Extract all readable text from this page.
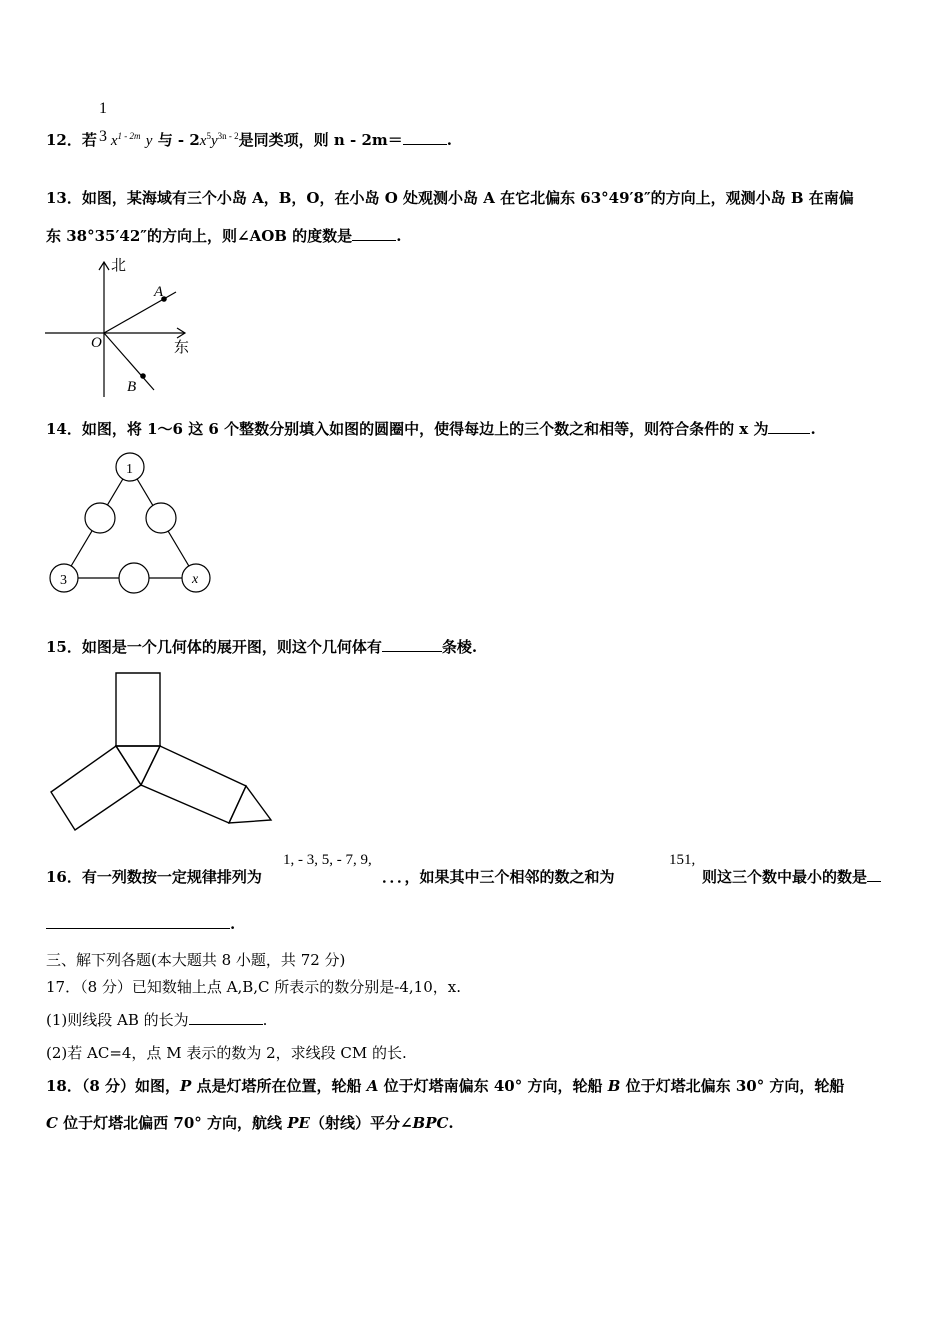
1
3
12．若 $x^{1 - 2m}$ y 与 - $2x^5y^{3n - 2}$是同类项，则 n - 2m＝	.
13．如图，某海域有三个小岛 A，B，O，在小岛 O 处观测小岛 A 在它北偏东 63°49′8″的方向上，观测小岛 B 在南偏
东 38°35′42″的方向上，则∠AOB 的度数是	.
北
东
O
A
B
14．如图，将 1～6 这 6 个整数分别填入如图的圆圈中，使得每边上的三个数之和相等，则符合条件的 x 为	.
1
3	x
15．如图是一个几何体的展开图，则这个几何体有	条棱.
16．有一列数按一定规律排列为
1, - 3, 5, - 7, 9,
．．．，如果其中三个相邻的数之和为
151,
则这三个数中最小的数是
.
三、解下列各题(本大题共 8 小题，共 72 分)
17．（8 分）已知数轴上点 A,B,C 所表示的数分别是-4,10，x.
(1)则线段 AB 的长为	.
(2)若 AC=4，点 M 表示的数为 2，求线段 CM 的长.
18．（8 分）如图，P 点是灯塔所在位置，轮船 A 位于灯塔南偏东 40° 方向，轮船 B 位于灯塔北偏东 30° 方向，轮船
C 位于灯塔北偏西 70° 方向，航线 PE（射线）平分∠BPC.
